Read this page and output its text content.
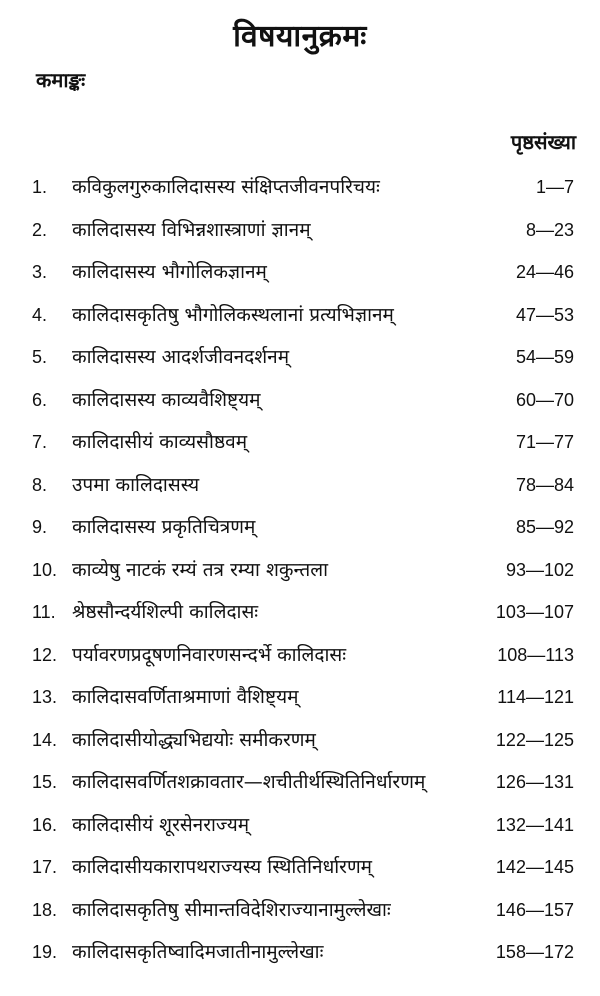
विषयानुक्रमः
कमाङ्कः
पृष्ठसंख्या
1. कविकुलगुरुकालिदासस्य संक्षिप्तजीवनपरिचयः	1—7
2. कालिदासस्य विभिन्नशास्त्राणां ज्ञानम्	8—23
3. कालिदासस्य भौगोलिकज्ञानम्	24—46
4. कालिदासकृतिषु भौगोलिकस्थलानां प्रत्यभिज्ञानम्	47—53
5. कालिदासस्य आदर्शजीवनदर्शनम्	54—59
6. कालिदासस्य काव्यवैशिष्ट्यम्	60—70
7. कालिदासीयं काव्यसौष्ठवम्	71—77
8. उपमा कालिदासस्य	78—84
9. कालिदासस्य प्रकृतिचित्रणम्	85—92
10. काव्येषु नाटकं रम्यं तत्र रम्या शकुन्तला	93—102
11. श्रेष्ठसौन्दर्यशिल्पी कालिदासः	103—107
12. पर्यावरणप्रदूषणनिवारणसन्दर्भे कालिदासः	108—113
13. कालिदासवर्णिताश्रमाणां वैशिष्ट्यम्	114—121
14. कालिदासीयोद्ध्यभिद्ययोः समीकरणम्	122—125
15. कालिदासवर्णितशक्रावतार—शचीतीर्थस्थितिनिर्धारणम्	126—131
16. कालिदासीयं शूरसेनराज्यम्	132—141
17. कालिदासीयकारापथराज्यस्य स्थितिनिर्धारणम्	142—145
18. कालिदासकृतिषु सीमान्तविदेशिराज्यानामुल्लेखाः	146—157
19. कालिदासकृतिष्वादिमजातीनामुल्लेखाः	158—172
